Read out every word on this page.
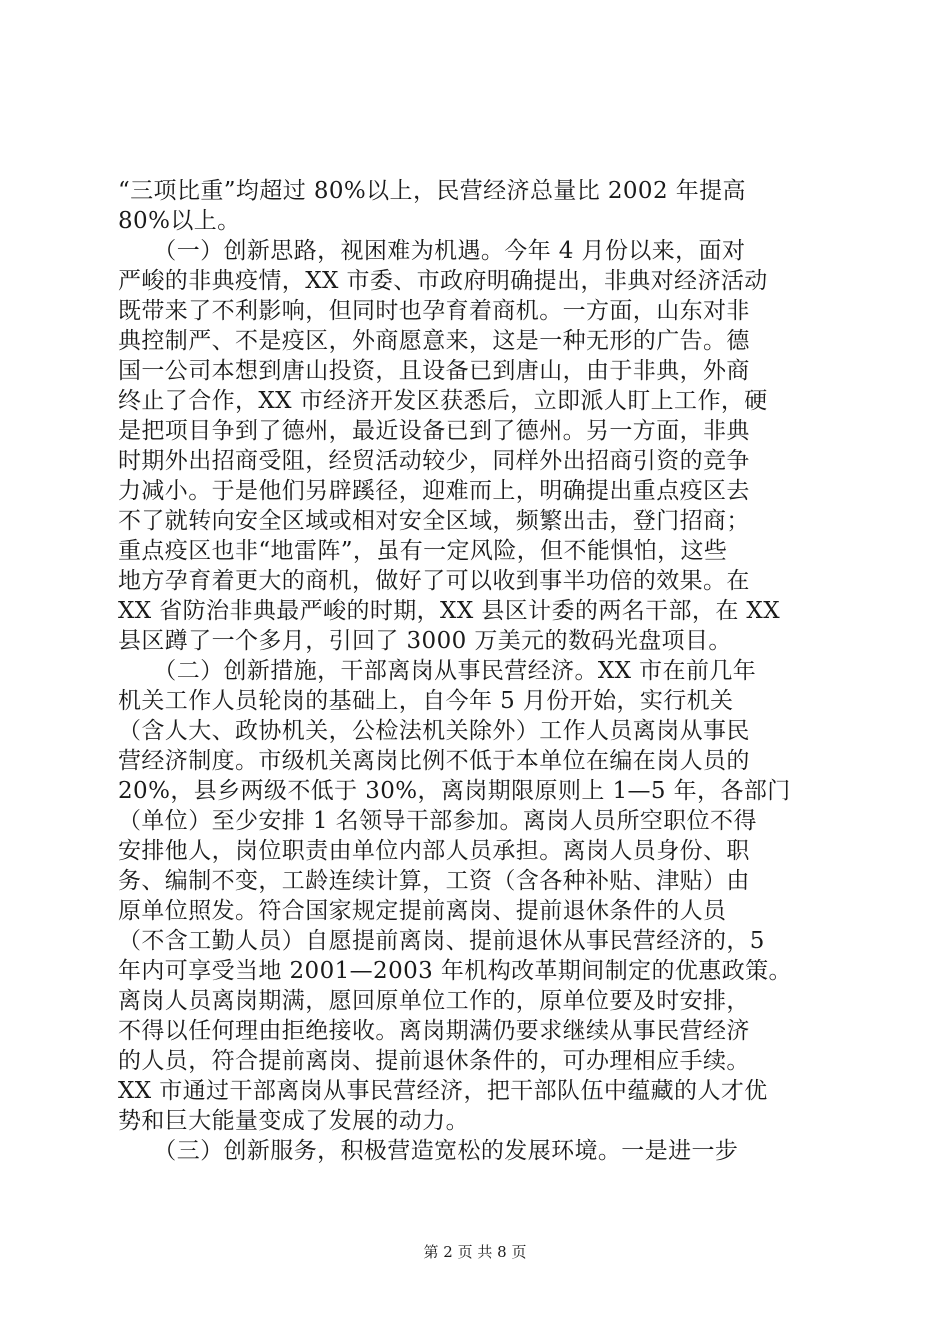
“三项比重”均超过 80%以上，民营经济总量比 2002 年提高
80%以上。
　　（一）创新思路，视困难为机遇。今年 4 月份以来，面对
严峻的非典疫情，XX 市委、市政府明确提出，非典对经济活动
既带来了不利影响，但同时也孕育着商机。一方面，山东对非
典控制严、不是疫区，外商愿意来，这是一种无形的广告。德
国一公司本想到唐山投资，且设备已到唐山，由于非典，外商
终止了合作，XX 市经济开发区获悉后，立即派人盯上工作，硬
是把项目争到了德州，最近设备已到了德州。另一方面，非典
时期外出招商受阻，经贸活动较少，同样外出招商引资的竞争
力减小。于是他们另辟蹊径，迎难而上，明确提出重点疫区去
不了就转向安全区域或相对安全区域，频繁出击，登门招商；
重点疫区也非“地雷阵”，虽有一定风险，但不能惧怕，这些
地方孕育着更大的商机，做好了可以收到事半功倍的效果。在
XX 省防治非典最严峻的时期，XX 县区计委的两名干部，在 XX
县区蹲了一个多月，引回了 3000 万美元的数码光盘项目。
　　（二）创新措施，干部离岗从事民营经济。XX 市在前几年
机关工作人员轮岗的基础上，自今年 5 月份开始，实行机关
（含人大、政协机关，公检法机关除外）工作人员离岗从事民
营经济制度。市级机关离岗比例不低于本单位在编在岗人员的
20%，县乡两级不低于 30%，离岗期限原则上 1—5 年，各部门
（单位）至少安排 1 名领导干部参加。离岗人员所空职位不得
安排他人，岗位职责由单位内部人员承担。离岗人员身份、职
务、编制不变，工龄连续计算，工资（含各种补贴、津贴）由
原单位照发。符合国家规定提前离岗、提前退休条件的人员
（不含工勤人员）自愿提前离岗、提前退休从事民营经济的，5
年内可享受当地 2001—2003 年机构改革期间制定的优惠政策。
离岗人员离岗期满，愿回原单位工作的，原单位要及时安排，
不得以任何理由拒绝接收。离岗期满仍要求继续从事民营经济
的人员，符合提前离岗、提前退休条件的，可办理相应手续。
XX 市通过干部离岗从事民营经济，把干部队伍中蕴藏的人才优
势和巨大能量变成了发展的动力。
　　（三）创新服务，积极营造宽松的发展环境。一是进一步
第 2 页 共 8 页
